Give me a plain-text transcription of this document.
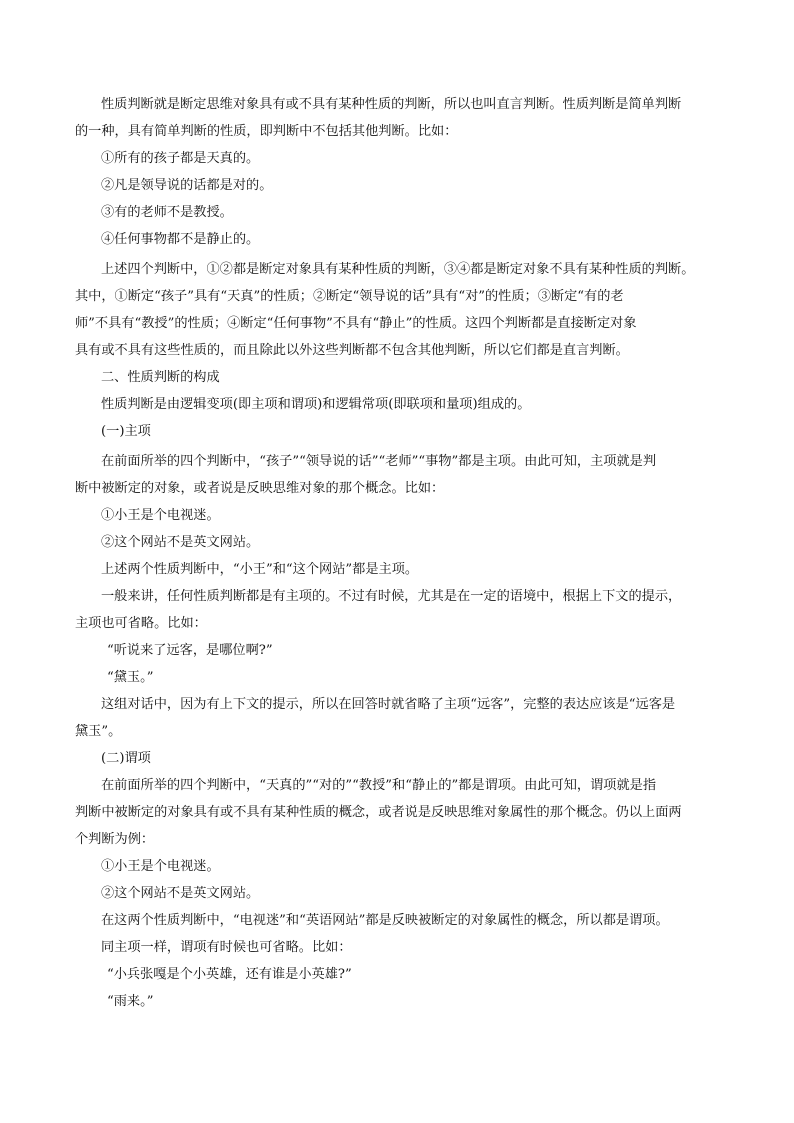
性质判断就是断定思维对象具有或不具有某种性质的判断，所以也叫直言判断。性质判断是简单判断
的一种，具有简单判断的性质，即判断中不包括其他判断。比如：
①所有的孩子都是天真的。
②凡是领导说的话都是对的。
③有的老师不是教授。
④任何事物都不是静止的。
上述四个判断中，①②都是断定对象具有某种性质的判断，③④都是断定对象不具有某种性质的判断。
其中，①断定“孩子”具有“天真”的性质；②断定“领导说的话”具有“对”的性质；③断定“有的老
师”不具有“教授”的性质；④断定“任何事物”不具有“静止”的性质。这四个判断都是直接断定对象
具有或不具有这些性质的，而且除此以外这些判断都不包含其他判断，所以它们都是直言判断。
二、性质判断的构成
性质判断是由逻辑变项(即主项和谓项)和逻辑常项(即联项和量项)组成的。
(一)主项
在前面所举的四个判断中，“孩子”“领导说的话”“老师”“事物”都是主项。由此可知，主项就是判
断中被断定的对象，或者说是反映思维对象的那个概念。比如：
①小王是个电视迷。
②这个网站不是英文网站。
上述两个性质判断中，“小王”和“这个网站”都是主项。
一般来讲，任何性质判断都是有主项的。不过有时候，尤其是在一定的语境中，根据上下文的提示，
主项也可省略。比如：
“听说来了远客，是哪位啊?”
“黛玉。”
这组对话中，因为有上下文的提示，所以在回答时就省略了主项“远客”，完整的表达应该是“远客是
黛玉”。
(二)谓项
在前面所举的四个判断中，“天真的”“对的”“教授”和“静止的”都是谓项。由此可知，谓项就是指
判断中被断定的对象具有或不具有某种性质的概念，或者说是反映思维对象属性的那个概念。仍以上面两
个判断为例：
①小王是个电视迷。
②这个网站不是英文网站。
在这两个性质判断中，“电视迷”和“英语网站”都是反映被断定的对象属性的概念，所以都是谓项。
同主项一样，谓项有时候也可省略。比如：
“小兵张嘎是个小英雄，还有谁是小英雄?”
“雨来。”
